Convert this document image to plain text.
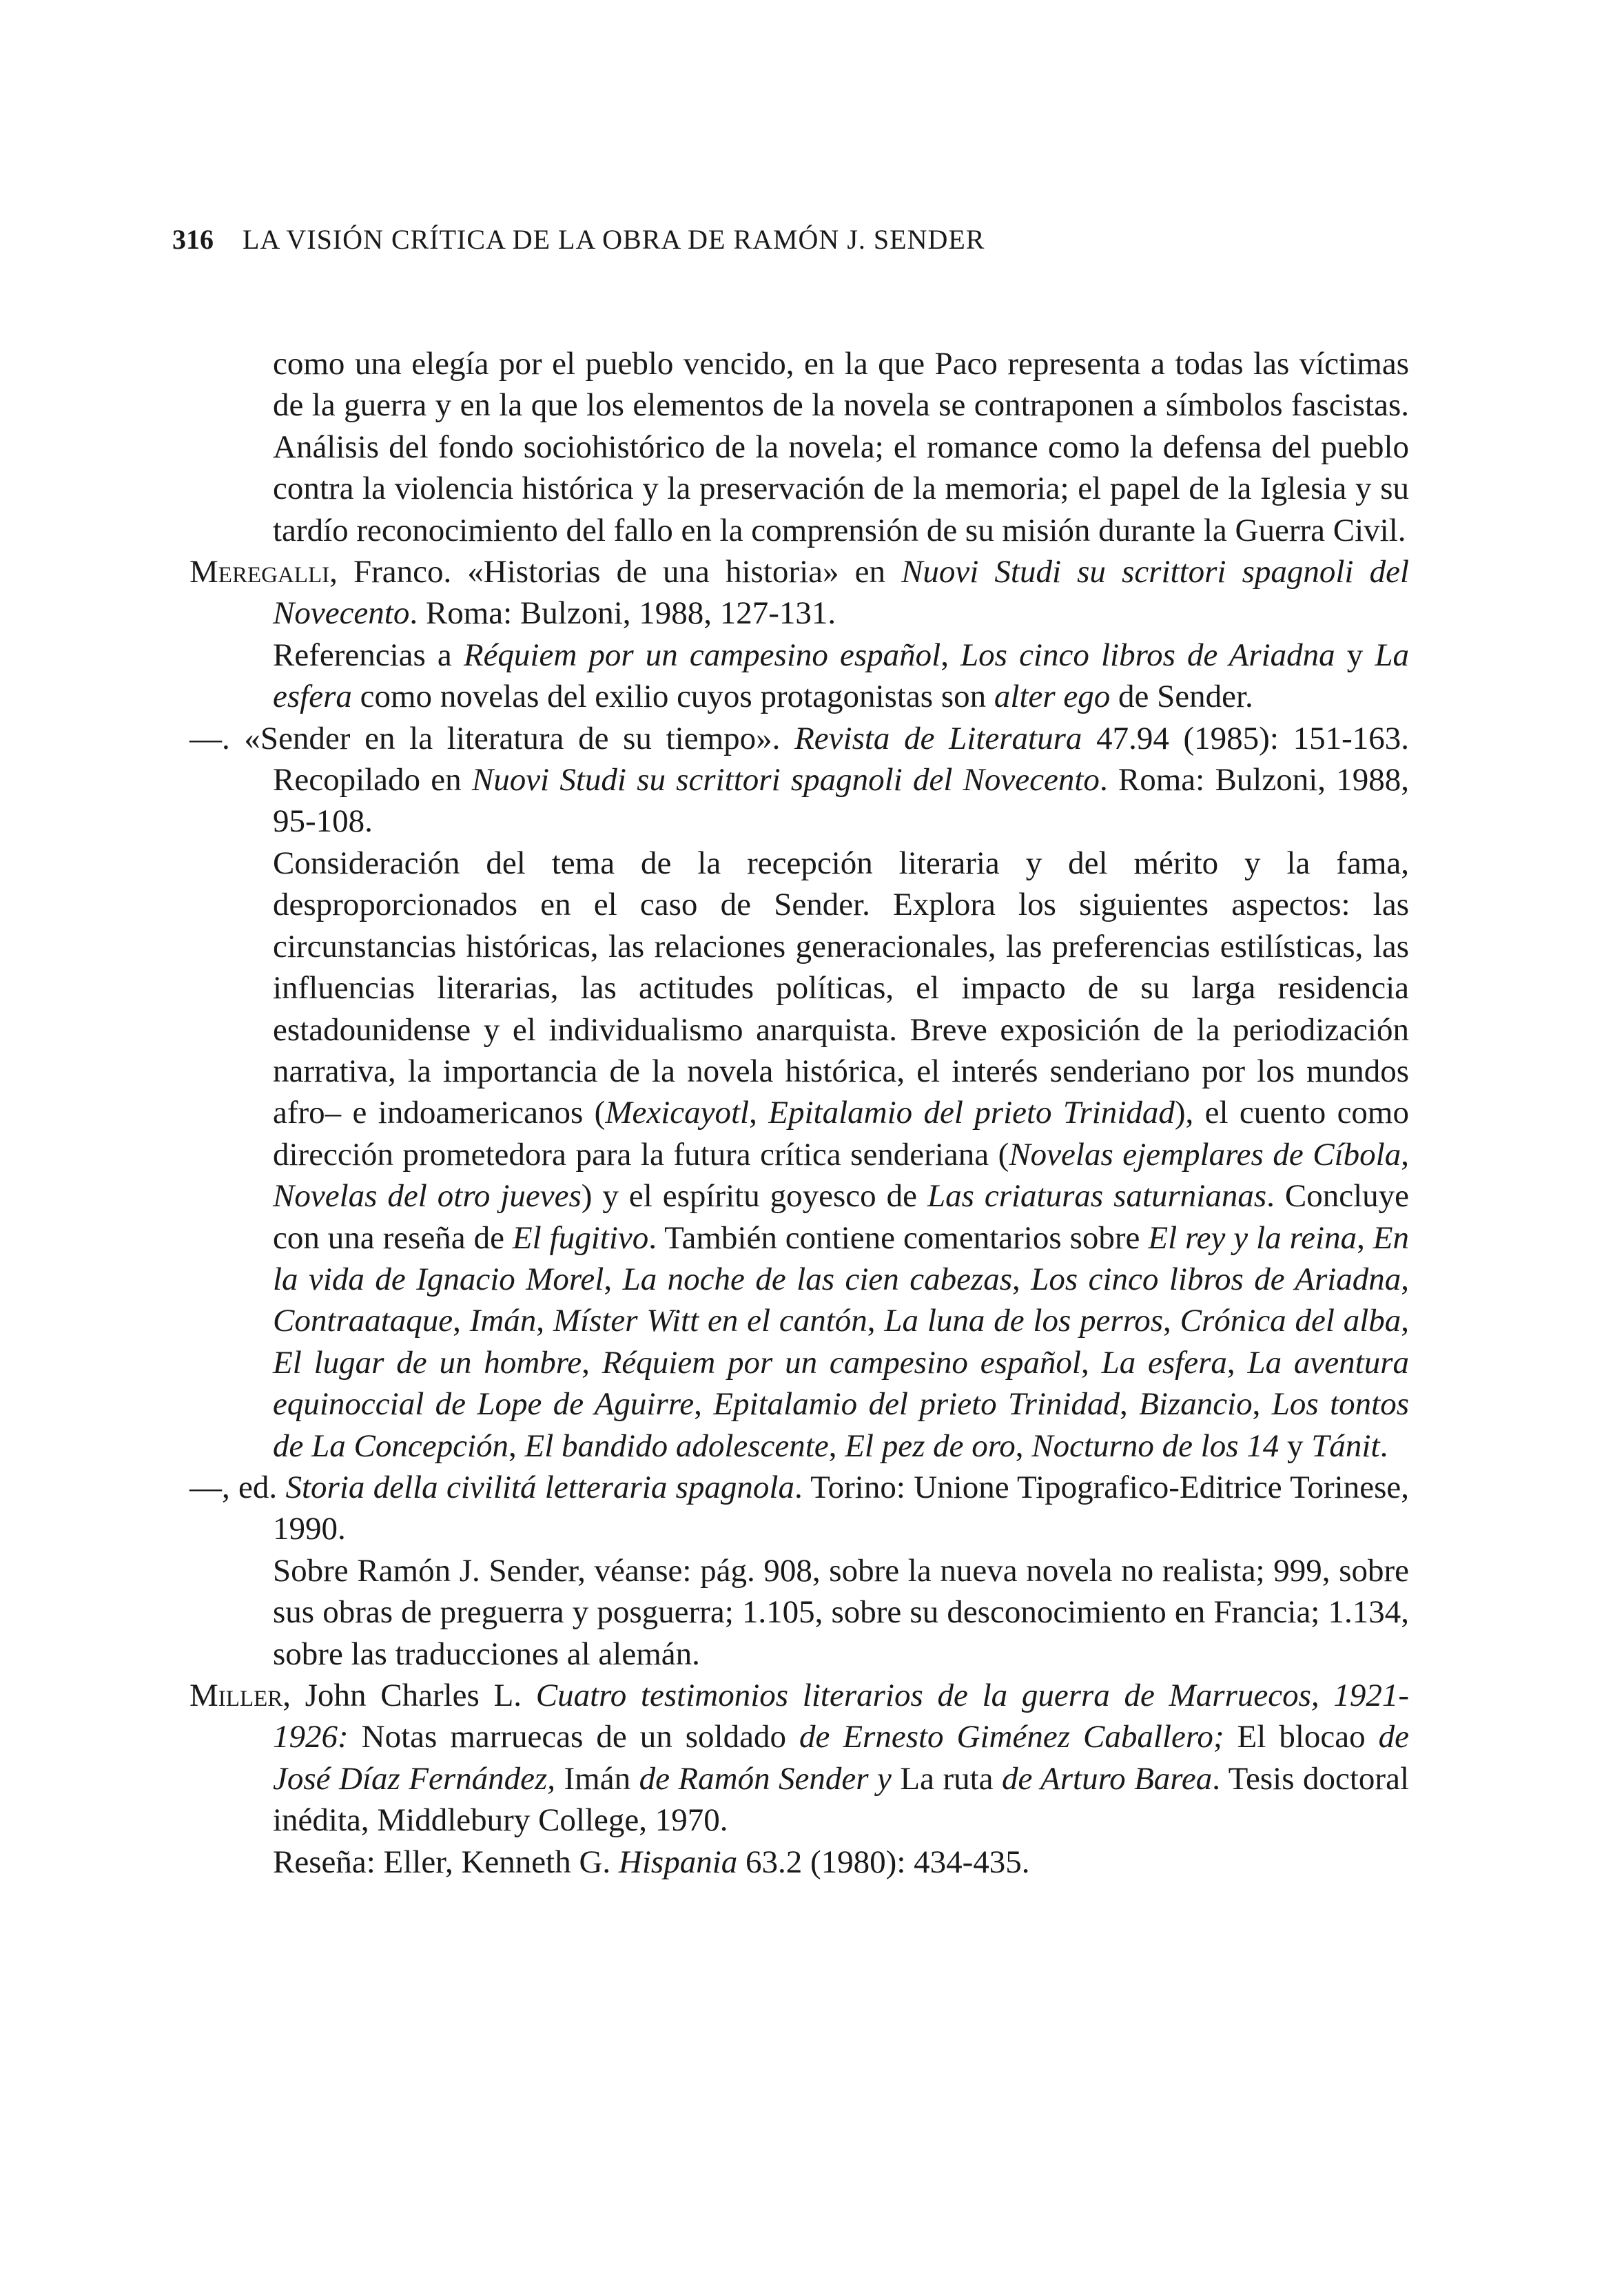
316 LA VISIÓN CRÍTICA DE LA OBRA DE RAMÓN J. SENDER

como una elegía por el pueblo vencido, en la que Paco representa a todas las víctimas de la guerra y en la que los elementos de la novela se contraponen a símbolos fascistas. Análisis del fondo sociohistórico de la novela; el romance como la defensa del pueblo contra la violencia histórica y la preservación de la memoria; el papel de la Iglesia y su tardío reconocimiento del fallo en la comprensión de su misión durante la Guerra Civil.

Meregalli, Franco. «Historias de una historia» en Nuovi Studi su scrittori spagnoli del Novecento. Roma: Bulzoni, 1988, 127-131.

Referencias a Réquiem por un campesino español, Los cinco libros de Ariadna y La esfera como novelas del exilio cuyos protagonistas son alter ego de Sender.

—. «Sender en la literatura de su tiempo». Revista de Literatura 47.94 (1985): 151-163. Recopilado en Nuovi Studi su scrittori spagnoli del Novecento. Roma: Bulzoni, 1988, 95-108.

Consideración del tema de la recepción literaria y del mérito y la fama, desproporcionados en el caso de Sender. Explora los siguientes aspectos: las circunstancias históricas, las relaciones generacionales, las preferencias estilísticas, las influencias literarias, las actitudes políticas, el impacto de su larga residencia estadounidense y el individualismo anarquista. Breve exposición de la periodización narrativa, la importancia de la novela histórica, el interés senderiano por los mundos afro– e indoamericanos (Mexicayotl, Epitalamio del prieto Trinidad), el cuento como dirección prometedora para la futura crítica senderiana (Novelas ejemplares de Cíbola, Novelas del otro jueves) y el espíritu goyesco de Las criaturas saturnianas. Concluye con una reseña de El fugitivo. También contiene comentarios sobre El rey y la reina, En la vida de Ignacio Morel, La noche de las cien cabezas, Los cinco libros de Ariadna, Contraataque, Imán, Míster Witt en el cantón, La luna de los perros, Crónica del alba, El lugar de un hombre, Réquiem por un campesino español, La esfera, La aventura equinoccial de Lope de Aguirre, Epitalamio del prieto Trinidad, Bizancio, Los tontos de La Concepción, El bandido adolescente, El pez de oro, Nocturno de los 14 y Tánit.

—, ed. Storia della civilitá letteraria spagnola. Torino: Unione Tipografico-Editrice Torinese, 1990.

Sobre Ramón J. Sender, véanse: pág. 908, sobre la nueva novela no realista; 999, sobre sus obras de preguerra y posguerra; 1.105, sobre su desconocimiento en Francia; 1.134, sobre las traducciones al alemán.

Miller, John Charles L. Cuatro testimonios literarios de la guerra de Marruecos, 1921-1926: Notas marruecas de un soldado de Ernesto Giménez Caballero; El blocao de José Díaz Fernández, Imán de Ramón Sender y La ruta de Arturo Barea. Tesis doctoral inédita, Middlebury College, 1970.

Reseña: Eller, Kenneth G. Hispania 63.2 (1980): 434-435.
